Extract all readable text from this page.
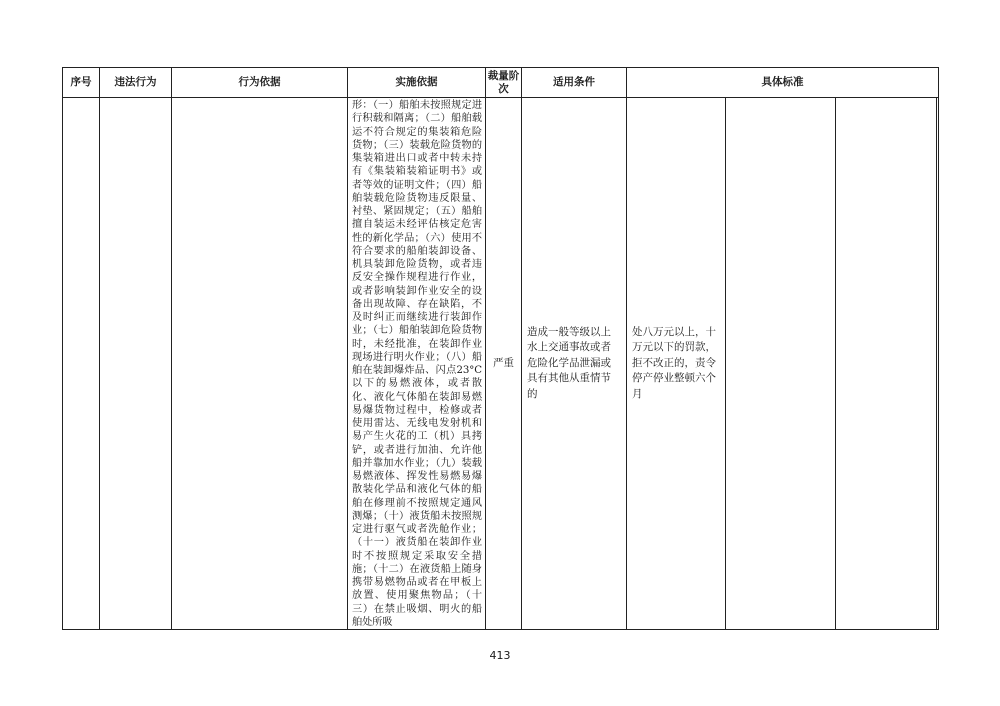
序号	违法行为	行为依据	实施依据	裁量阶次	适用条件	具体标准			
			形：（一）船舶未按照规定进行积载和隔离；（二）船舶载运不符合规定的集装箱危险货物；（三）装载危险货物的集装箱进出口或者中转未持有《集装箱装箱证明书》或者等效的证明文件；（四）船舶装载危险货物违反限量、衬垫、紧固规定；（五）船舶擅自装运未经评估核定危害性的新化学品；（六）使用不符合要求的船舶装卸设备、机具装卸危险货物，或者违反安全操作规程进行作业，或者影响装卸作业安全的设备出现故障、存在缺陷，不及时纠正而继续进行装卸作业；（七）船舶装卸危险货物时，未经批准，在装卸作业现场进行明火作业；（八）船舶在装卸爆炸品、闪点23°C以下的易燃液体，或者散化、液化气体船在装卸易燃易爆货物过程中，检修或者使用雷达、无线电发射机和易产生火花的工（机）具拷铲，或者进行加油、允许他船并靠加水作业；（九）装载易燃液体、挥发性易燃易爆散装化学品和液化气体的船舶在修理前不按照规定通风测爆；（十）液货船未按照规定进行驱气或者洗舱作业；（十一）液货船在装卸作业时不按照规定采取安全措施；（十二）在液货船上随身携带易燃物品或者在甲板上放置、使用聚焦物品；（十三）在禁止吸烟、明火的船舶处所吸	严重	造成一般等级以上水上交通事故或者危险化学品泄漏或具有其他从重情节的	处八万元以上，十万元以下的罚款，拒不改正的，责令停产停业整顿六个月			
413
